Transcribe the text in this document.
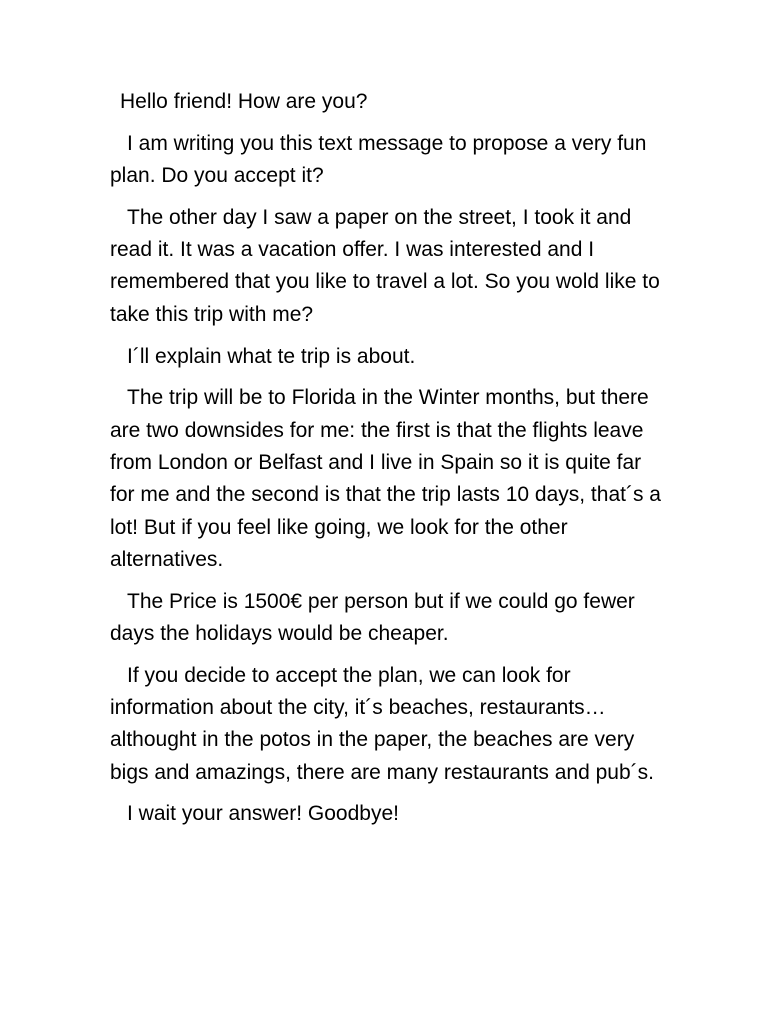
Hello friend! How are you?

I am writing you this text message to propose a very fun plan. Do you accept it?

The other day I saw a paper on the street, I took it and read it. It was a vacation offer. I was interested and I remembered that you like to travel a lot. So you wold like to take this trip with me?

I´ll explain what te trip is about.

The trip will be to Florida in the Winter months, but there are two downsides for me: the first is that the flights leave from London or Belfast and I live in Spain so it is quite far for me and the second is that the trip lasts 10 days, that´s a lot! But if you feel like going, we look for the other alternatives.

The Price is 1500€ per person but if we could go fewer days the holidays would be cheaper.

If you decide to accept the plan, we can look for information about the city, it´s beaches, restaurants…althought in the potos in the paper, the beaches are very bigs and amazings, there are many restaurants and pub´s.

I wait your answer! Goodbye!
